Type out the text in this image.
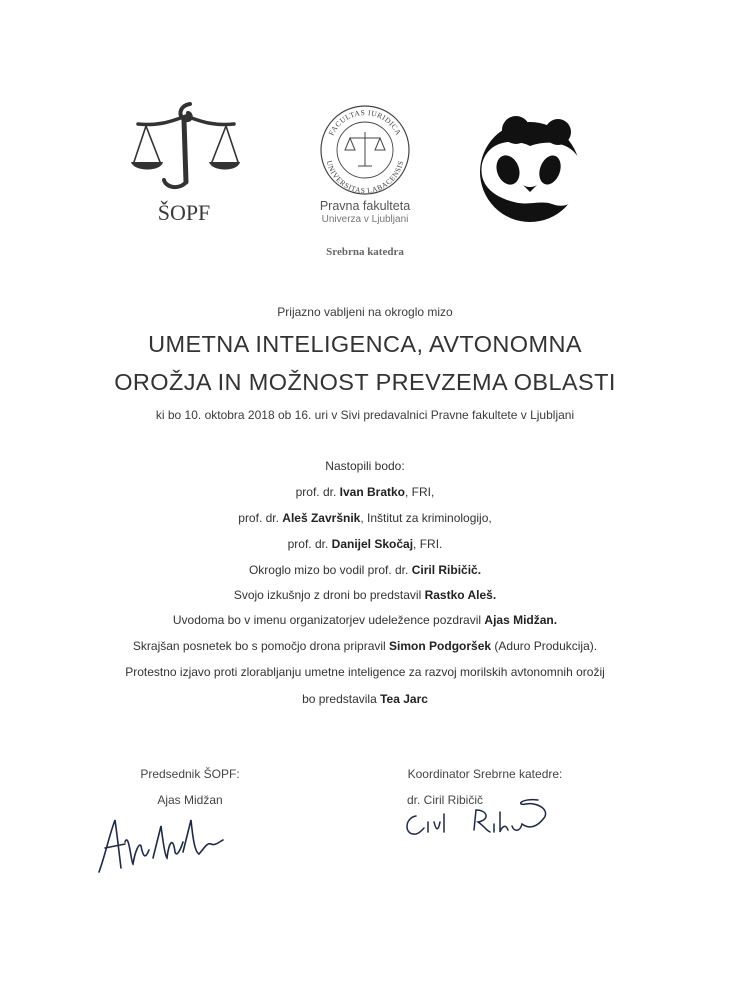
ŠOPF
FACULTAS IURIDICA
UNIVERSITAS LABACENSIS
Pravna fakulteta
Univerza v Ljubljani
Srebrna katedra
Prijazno vabljeni na okroglo mizo
UMETNA INTELIGENCA, AVTONOMNA
OROŽJA IN MOŽNOST PREVZEMA OBLASTI
ki bo 10. oktobra 2018 ob 16. uri v Sivi predavalnici Pravne fakultete v Ljubljani
Nastopili bodo:
prof. dr. Ivan Bratko, FRI,
prof. dr. Aleš Završnik, Inštitut za kriminologijo,
prof. dr. Danijel Skočaj, FRI.
Okroglo mizo bo vodil prof. dr. Ciril Ribičič.
Svojo izkušnjo z droni bo predstavil Rastko Aleš.
Uvodoma bo v imenu organizatorjev udeležence pozdravil Ajas Midžan.
Skrajšan posnetek bo s pomočjo drona pripravil Simon Podgoršek (Aduro Produkcija).
Protestno izjavo proti zlorabljanju umetne inteligence za razvoj morilskih avtonomnih orožij
bo predstavila Tea Jarc
Predsednik ŠOPF:
Ajas Midžan
Koordinator Srebrne katedre:
dr. Ciril Ribičič
